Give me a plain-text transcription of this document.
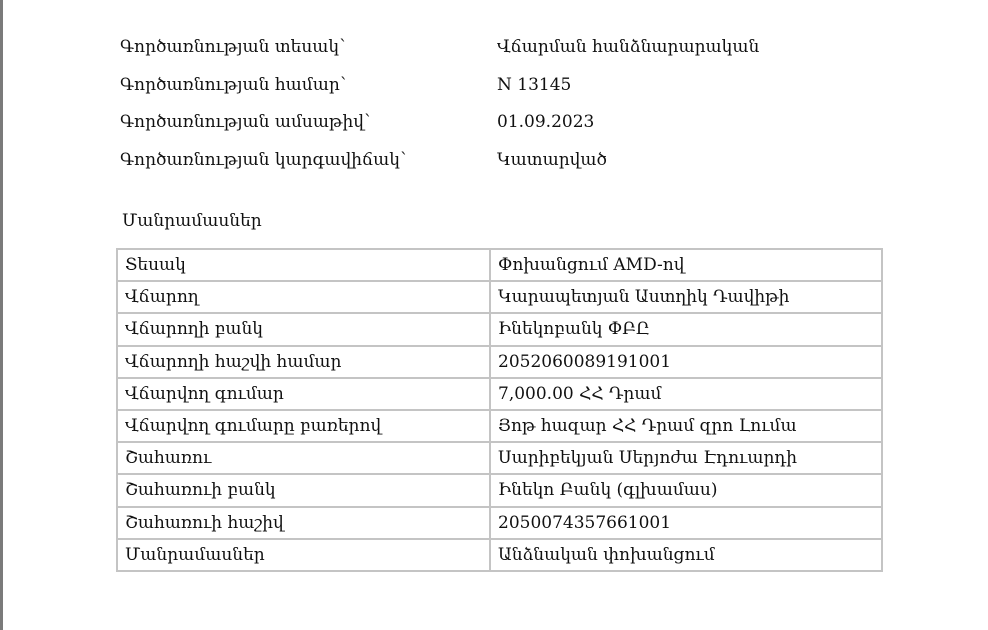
Գործառնության տեսակ՝	Վճարման հանձնարարական
Գործառնության համար՝	N 13145
Գործառնության ամսաթիվ՝	01.09.2023
Գործառնության կարգավիճակ՝	Կատարված
Մանրամասներ
Տեսակ	Փոխանցում AMD-ով
Վճարող	Կարապետյան Աստղիկ Դավիթի
Վճարողի բանկ	Ինեկոբանկ ՓԲԸ
Վճարողի հաշվի համար	2052060089191001
Վճարվող գումար	7,000.00 ՀՀ Դրամ
Վճարվող գումարը բառերով	Յոթ հազար ՀՀ Դրամ զրո Լումա
Շահառու	Սարիբեկյան Սերյոժա Էդուարդի
Շահառուի բանկ	Ինեկո Բանկ (գլխամաս)
Շահառուի հաշիվ	2050074357661001
Մանրամասներ	Անձնական փոխանցում
